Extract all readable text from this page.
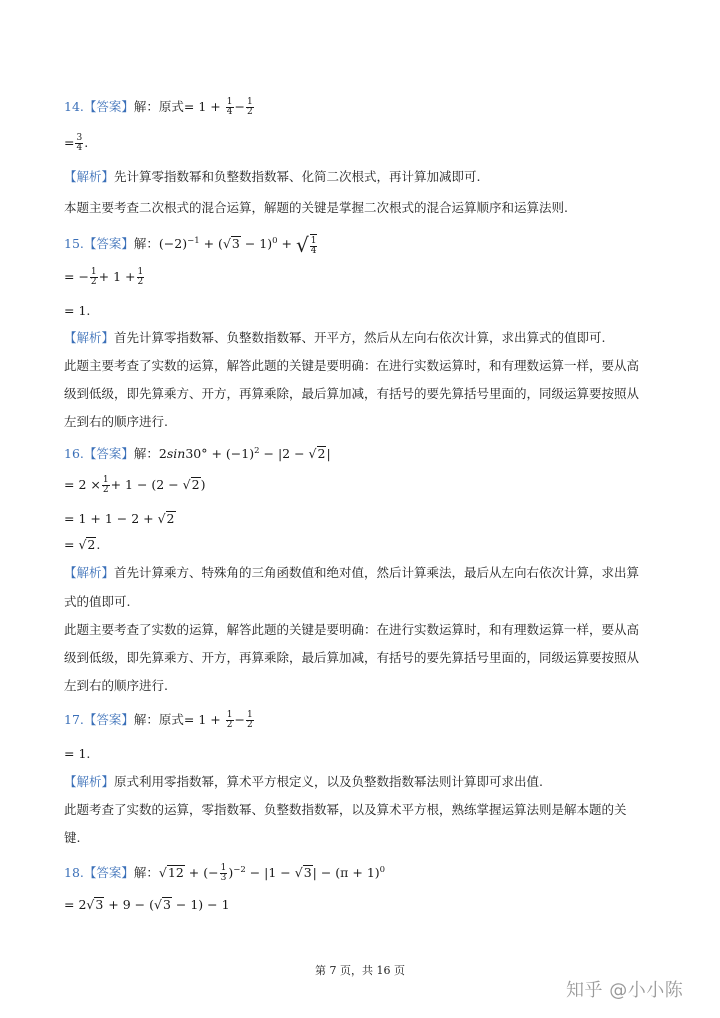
14.【答案】解：原式= $1 + \frac{1}{4} - \frac{1}{2}$
= $\frac{3}{4}$ .
【解析】先计算零指数幂和负整数指数幂、化简二次根式，再计算加减即可.
本题主要考查二次根式的混合运算，解题的关键是掌握二次根式的混合运算顺序和运算法则.
15.【答案】解：$(-2)^{-1} + (√3 - 1)^0$ + √ $\frac{1}{4}$
= − $\frac{1}{2} + 1 + \frac{1}{2}$
= 1.
【解析】首先计算零指数幂、负整数指数幂、开平方，然后从左向右依次计算，求出算式的值即可.
此题主要考查了实数的运算，解答此题的关键是要明确：在进行实数运算时，和有理数运算一样，要从高
级到低级，即先算乘方、开方，再算乘除，最后算加减，有括号的要先算括号里面的，同级运算要按照从
左到右的顺序进行.
16.【答案】解：$2\sin 30^\circ + (-1)^2 - |2 - √2|$
= $2 \times \frac{1}{2} + 1 - (2 - √2)$
= 1 + 1 − 2 + √2
= √2.
【解析】首先计算乘方、特殊角的三角函数值和绝对值，然后计算乘法，最后从左向右依次计算，求出算
式的值即可.
此题主要考查了实数的运算，解答此题的关键是要明确：在进行实数运算时，和有理数运算一样，要从高
级到低级，即先算乘方、开方，再算乘除，最后算加减，有括号的要先算括号里面的，同级运算要按照从
左到右的顺序进行.
17.【答案】解：原式= $1 + \frac{1}{2} - \frac{1}{2}$
= 1.
【解析】原式利用零指数幂，算术平方根定义，以及负整数指数幂法则计算即可求出值.
此题考查了实数的运算，零指数幂、负整数指数幂，以及算术平方根，熟练掌握运算法则是解本题的关
键.
18.【答案】解：√12 + (− $\frac{1}{3} )^{-2} - |1 - √3| - (\pi + 1)^0$
= 2√3 + 9 − (√3 − 1) − 1
第 7 页，共 16 页
知乎 @小小陈
